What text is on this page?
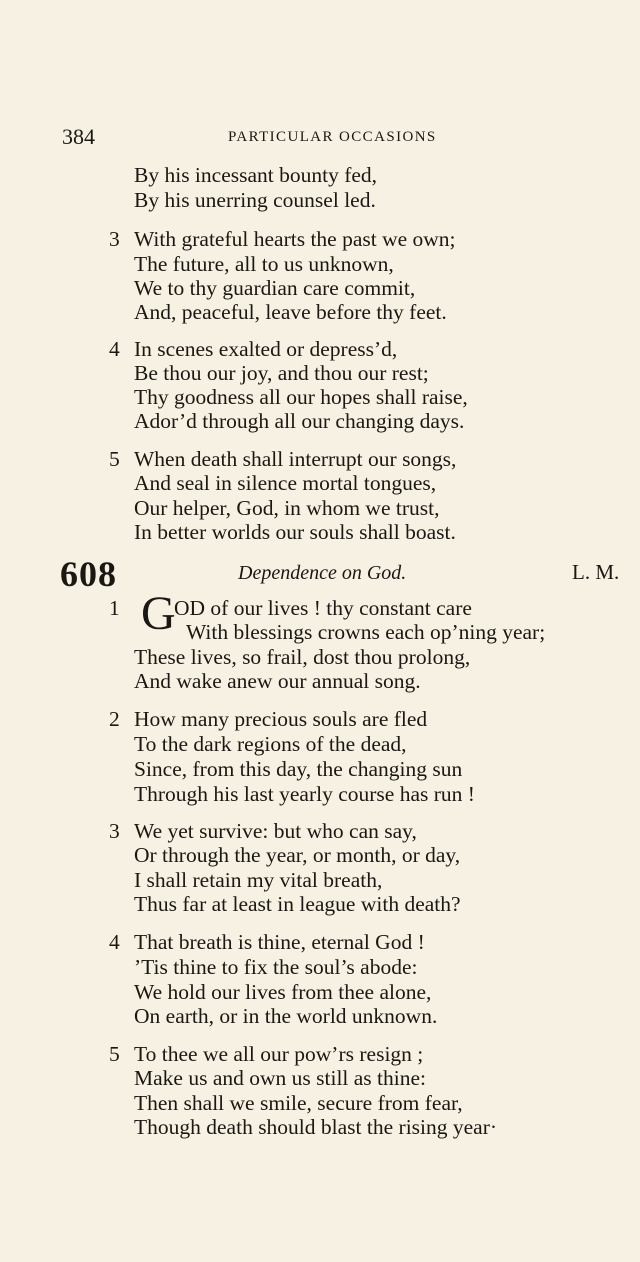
384	PARTICULAR OCCASIONS
By his incessant bounty fed,
By his unerring counsel led.
3 With grateful hearts the past we own;
The future, all to us unknown,
We to thy guardian care commit,
And, peaceful, leave before thy feet.
4 In scenes exalted or depress’d,
Be thou our joy, and thou our rest;
Thy goodness all our hopes shall raise,
Ador’d through all our changing days.
5 When death shall interrupt our songs,
And seal in silence mortal tongues,
Our helper, God, in whom we trust,
In better worlds our souls shall boast.
608	Dependence on God.	L. M.
1 G
OD of our lives ! thy constant care
With blessings crowns each op’ning year;
These lives, so frail, dost thou prolong,
And wake anew our annual song.
2 How many precious souls are fled
To the dark regions of the dead,
Since, from this day, the changing sun
Through his last yearly course has run !
3 We yet survive: but who can say,
Or through the year, or month, or day,
I shall retain my vital breath,
Thus far at least in league with death?
4 That breath is thine, eternal God !
’Tis thine to fix the soul’s abode:
We hold our lives from thee alone,
On earth, or in the world unknown.
5 To thee we all our pow’rs resign ;
Make us and own us still as thine:
Then shall we smile, secure from fear,
Though death should blast the rising year·
